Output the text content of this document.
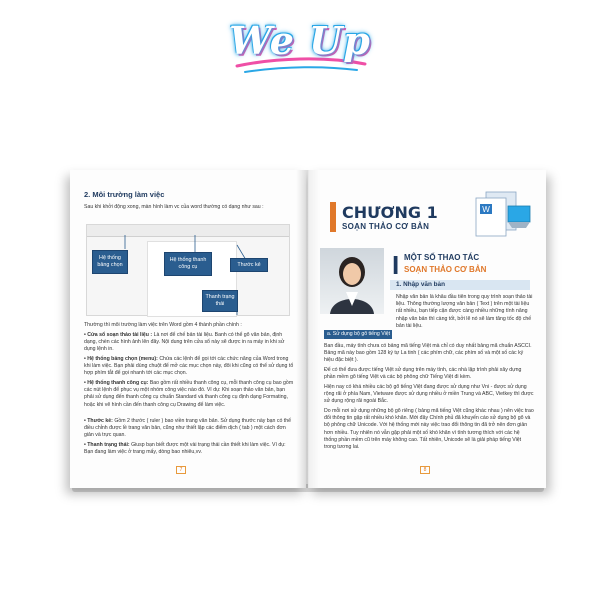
We Up
2. Môi trường làm việc
Sau khi khởi động xong, màn hình làm vc của word thường có dạng như sau :
Hệ thống bảng chọn
Hệ thống thanh công cụ	Thước kẻ
Thanh trạng thái
Thường thì môi trường làm việc trên Word gồm 4 thành phần chính :
• Cửa sổ soạn thảo tài liệu : Là nơi để chế bản tài liệu. Banh có thể gõ văn bản, định dạng, chèn các hình ảnh lên đây. Nội dung trên cửa sổ này sẽ được in ra máy in khi sử dụng lệnh in.
• Hệ thống bảng chọn (menu): Chứa các lệnh để gọi tới các chức năng của Word trong khi làm việc. Bạn phải dùng chuột để mở các mục chọn này, đôi khi cũng có thể sử dụng tổ hợp phím tắt để gọi nhanh tới các mục chọn.
• Hệ thống thanh công cụ: Bao gồm rất nhiều thanh công cụ, mỗi thanh công cụ bao gồm các nút lệnh để phục vụ một nhóm công việc nào đó. Ví dụ: Khi soạn thảo văn bản, bạn phải sử dụng đến thanh công cụ chuẩn Standard và thanh công cụ định dạng Formating, hoặc khi vẽ hình cần đến thanh công cụ Drawing để làm việc.
• Thước kẻ: Gồm 2 thước ( ruler ) bao viền trang văn bản. Sử dụng thước này bạn có thể điều chỉnh được lề trang văn bản, cũng như thiết lập các điểm dịch ( tab ) một cách đơn giản và trực quan.
• Thanh trạng thái: Giusp bạn biết được một vài trạng thái cần thiết khi làm việc. Ví dụ: Bạn đang làm việc ở trang mấy, dòng bao nhiêu,vv.
7
CHƯƠNG 1
SOẠN THẢO CƠ BẢN
W
I MỘT SỐ THAO TÁC
SOẠN THẢO CƠ BẢN
1. Nhập văn bản
Nhập văn bản là khâu đầu tiên trong quy trình soạn thảo tài liệu. Thông thường lượng văn bản ( Text ) trên một tài liệu rất nhiều, bạn tiếp cận được càng nhiều những tính năng nhập văn bản thì càng tốt, bởi lẽ nó sẽ làm tăng tốc độ chế bản tài liệu.
a. Sử dụng bộ gõ tiếng Việt
Ban đầu, máy tính chưa có bảng mã tiếng Việt mà chỉ có duy nhất bảng mã chuẩn ASCCI. Bảng mã này bao gồm 128 ký tự La tinh ( các phím chữ, các phím số và một số các ký hiệu đặc biệt ).
Để có thể đưa được tiếng Việt sử dụng trên máy tính, các nhà lập trình phải xây dựng phần mềm gõ tiếng Việt và các bộ phông chữ Tiếng Việt đi kèm.
Hiện nay có khá nhiều các bộ gõ tiếng Việt đang được sử dụng như Vni - được sử dụng rộng rãi ở phía Nam, Vietware được sử dụng nhiều ở miền Trung và ABC, Vietkey thì được sử dụng rộng rãi ngoài Bắc.
Do mỗi nơi sử dụng những bộ gõ riêng ( bảng mã tiếng Việt cũng khác nhau ) nên việc trao đổi thông tin gặp rất nhiều khó khăn. Mới đây Chính phủ đã khuyến cáo sử dụng bộ gõ và bộ phông chữ Unicode. Với hệ thống mới này việc trao đổi thông tin đã trở nên đơn giản hơn nhiều. Tuy nhiên nó vẫn gặp phải một số khó khăn vì tính tương thích với các hệ thống phần mềm cũ trên máy không cao. Tất nhiên, Unicode sẽ là giải pháp tiếng Việt trong tương lai.
8
